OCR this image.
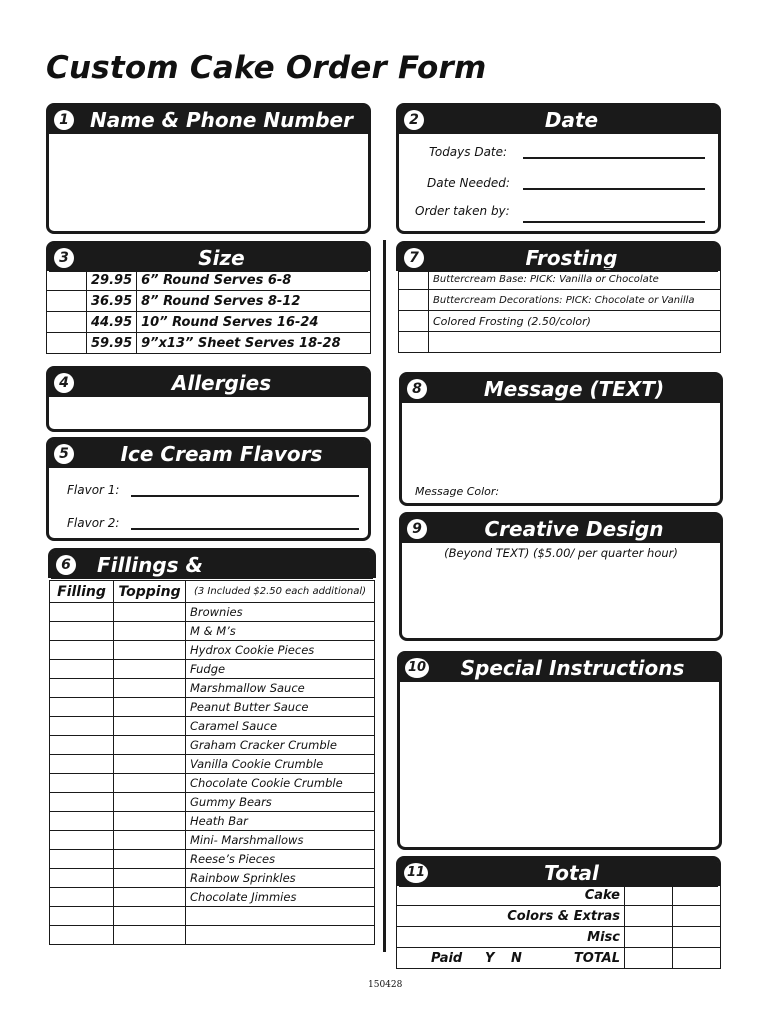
Custom Cake Order Form
1	Name & Phone Number	2	Date
Todays Date:
Date Needed:
Order taken by:
3	Size
	29.95	6” Round Serves 6-8
	36.95	8” Round Serves 8-12
	44.95	10” Round Serves 16-24
	59.95	9”x13” Sheet Serves 18-28
4	Allergies
5	Ice Cream Flavors
Flavor 1:
Flavor 2:
6 Fillings &
Filling	Topping	(3 Included $2.50 each additional)
		Brownies
		M & M’s
		Hydrox Cookie Pieces
		Fudge
		Marshmallow Sauce
		Peanut Butter Sauce
		Caramel Sauce
		Graham Cracker Crumble
		Vanilla Cookie Crumble
		Chocolate Cookie Crumble
		Gummy Bears
		Heath Bar
		Mini- Marshmallows
		Reese’s Pieces
		Rainbow Sprinkles
		Chocolate Jimmies

7	Frosting
	Buttercream Base: PICK: Vanilla or Chocolate
	Buttercream Decorations: PICK: Chocolate or Vanilla
	Colored Frosting (2.50/color)

8	Message (TEXT)
Message Color:
9	Creative Design
(Beyond TEXT) ($5.00/ per quarter hour)
10	Special Instructions
11	Total
Cake		
Colors & Extras		
Misc		

Paid Y N TOTAL		

150428
